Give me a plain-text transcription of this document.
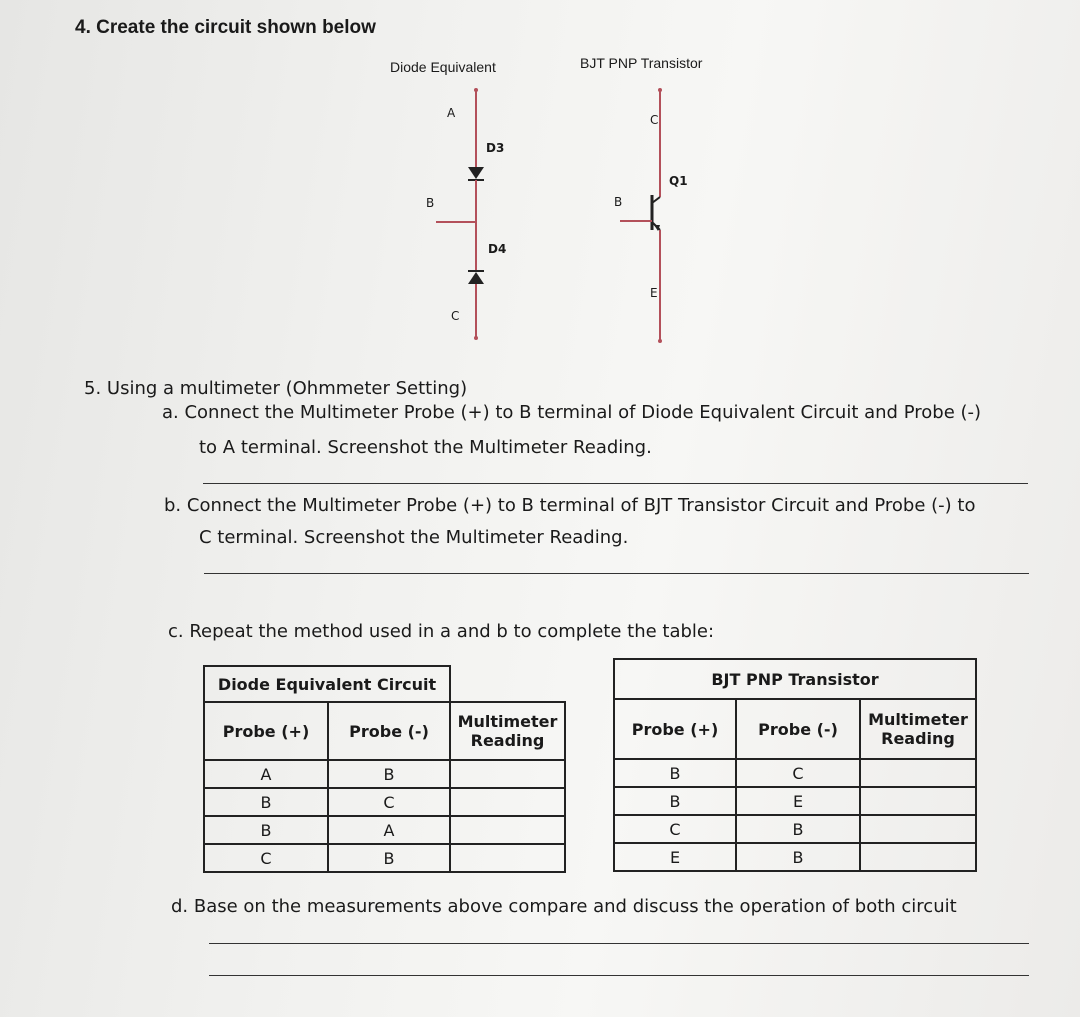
4. Create the circuit shown below
Diode Equivalent
A
D3
B
D4
C
BJT PNP Transistor
C
Q1
B
E
5. Using a multimeter (Ohmmeter Setting)
a. Connect the Multimeter Probe (+) to B terminal of Diode Equivalent Circuit and Probe (-)
to A terminal. Screenshot the Multimeter Reading.
b. Connect the Multimeter Probe (+) to B terminal of BJT Transistor Circuit and Probe (-) to
C terminal. Screenshot the Multimeter Reading.
c. Repeat the method used in a and b to complete the table:
Diode Equivalent Circuit		
Probe (+)	Probe (-)	Multimeter Reading
A	B	
B	C	
B	A	
C	B	
BJT PNP Transistor		
Probe (+)	Probe (-)	Multimeter Reading
B	C	
B	E	
C	B	
E	B	
d. Base on the measurements above compare and discuss the operation of both circuit
